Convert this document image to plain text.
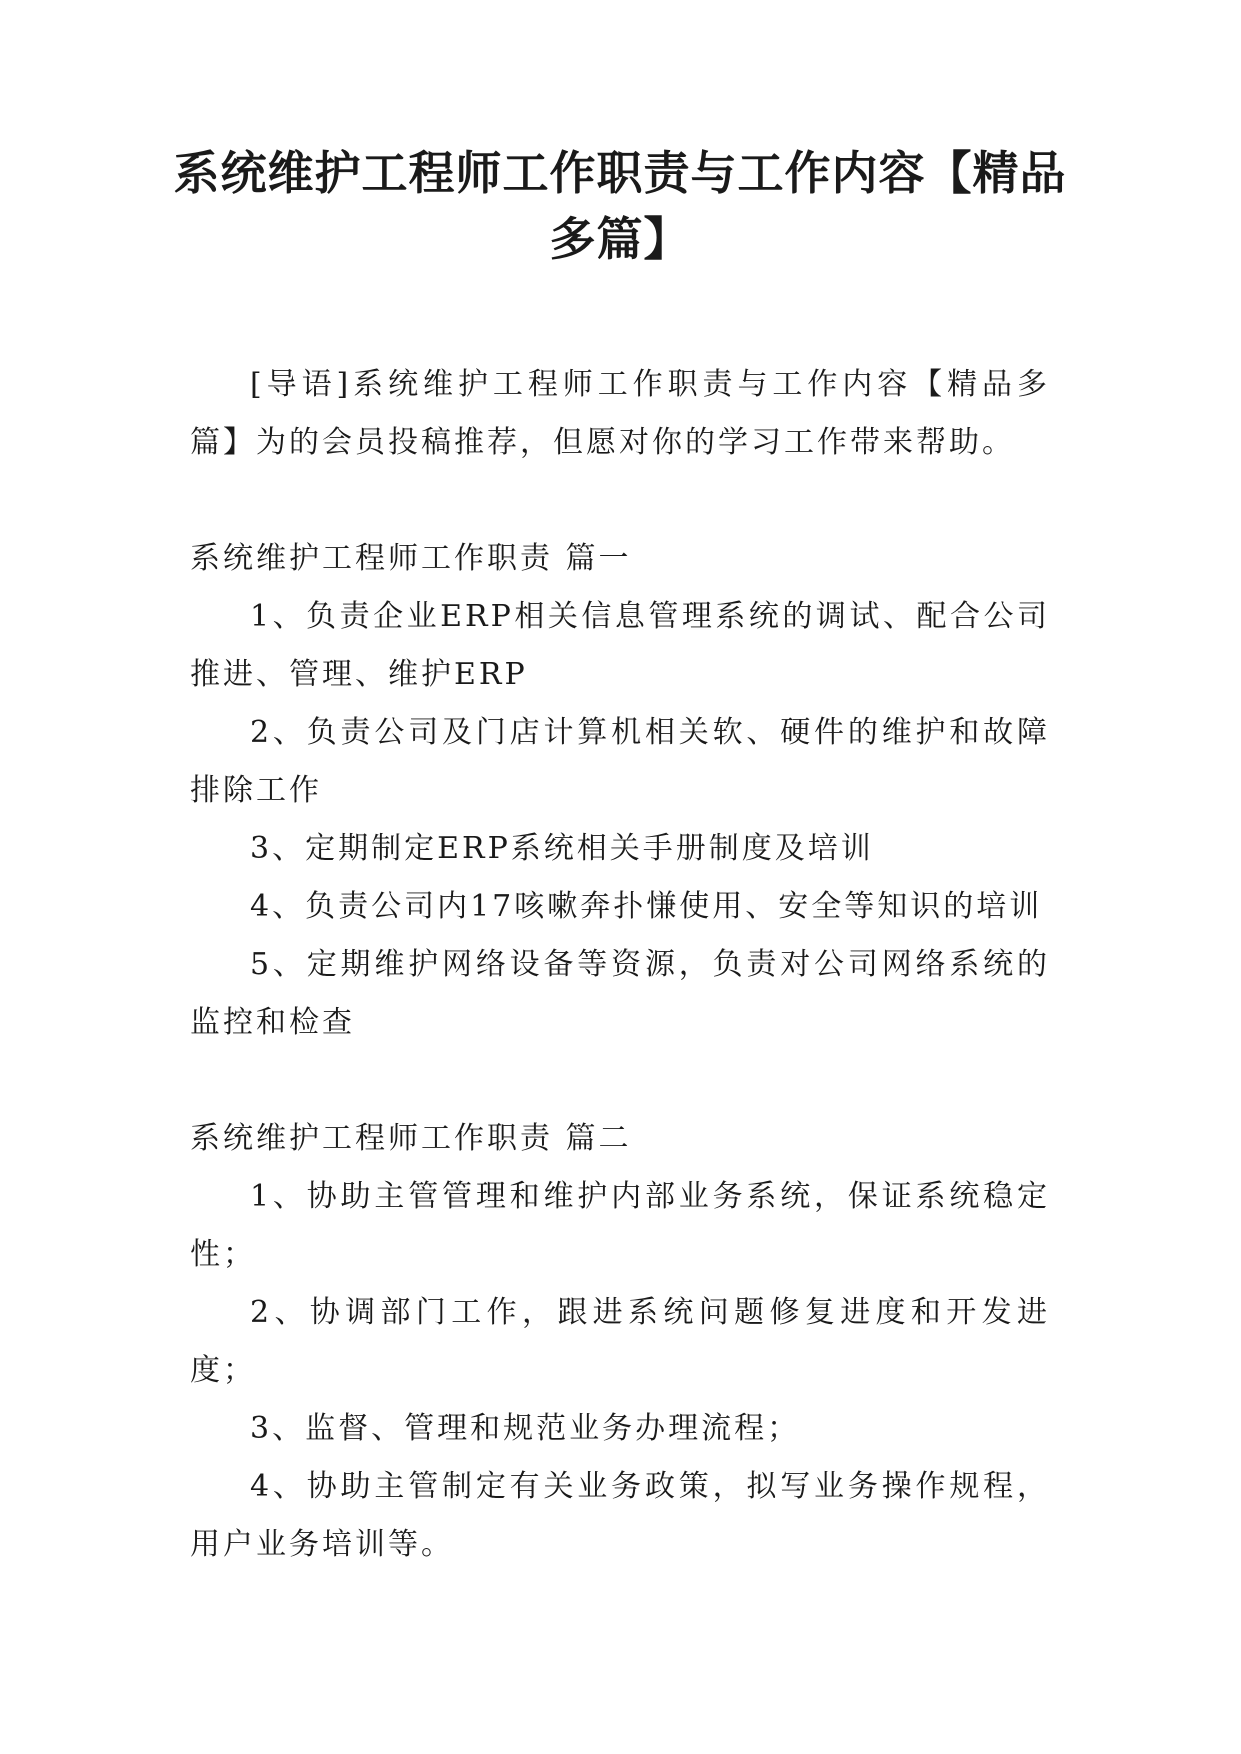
系统维护工程师工作职责与工作内容【精品多篇】

[导语]系统维护工程师工作职责与工作内容【精品多篇】为的会员投稿推荐，但愿对你的学习工作带来帮助。

系统维护工程师工作职责 篇一

1、负责企业ERP相关信息管理系统的调试、配合公司推进、管理、维护ERP

2、负责公司及门店计算机相关软、硬件的维护和故障排除工作

3、定期制定ERP系统相关手册制度及培训

4、负责公司内17咳嗽奔扑慊使用、安全等知识的培训

5、定期维护网络设备等资源，负责对公司网络系统的监控和检查

系统维护工程师工作职责 篇二

1、协助主管管理和维护内部业务系统，保证系统稳定性；

2、协调部门工作，跟进系统问题修复进度和开发进度；

3、监督、管理和规范业务办理流程；

4、协助主管制定有关业务政策，拟写业务操作规程，用户业务培训等。
